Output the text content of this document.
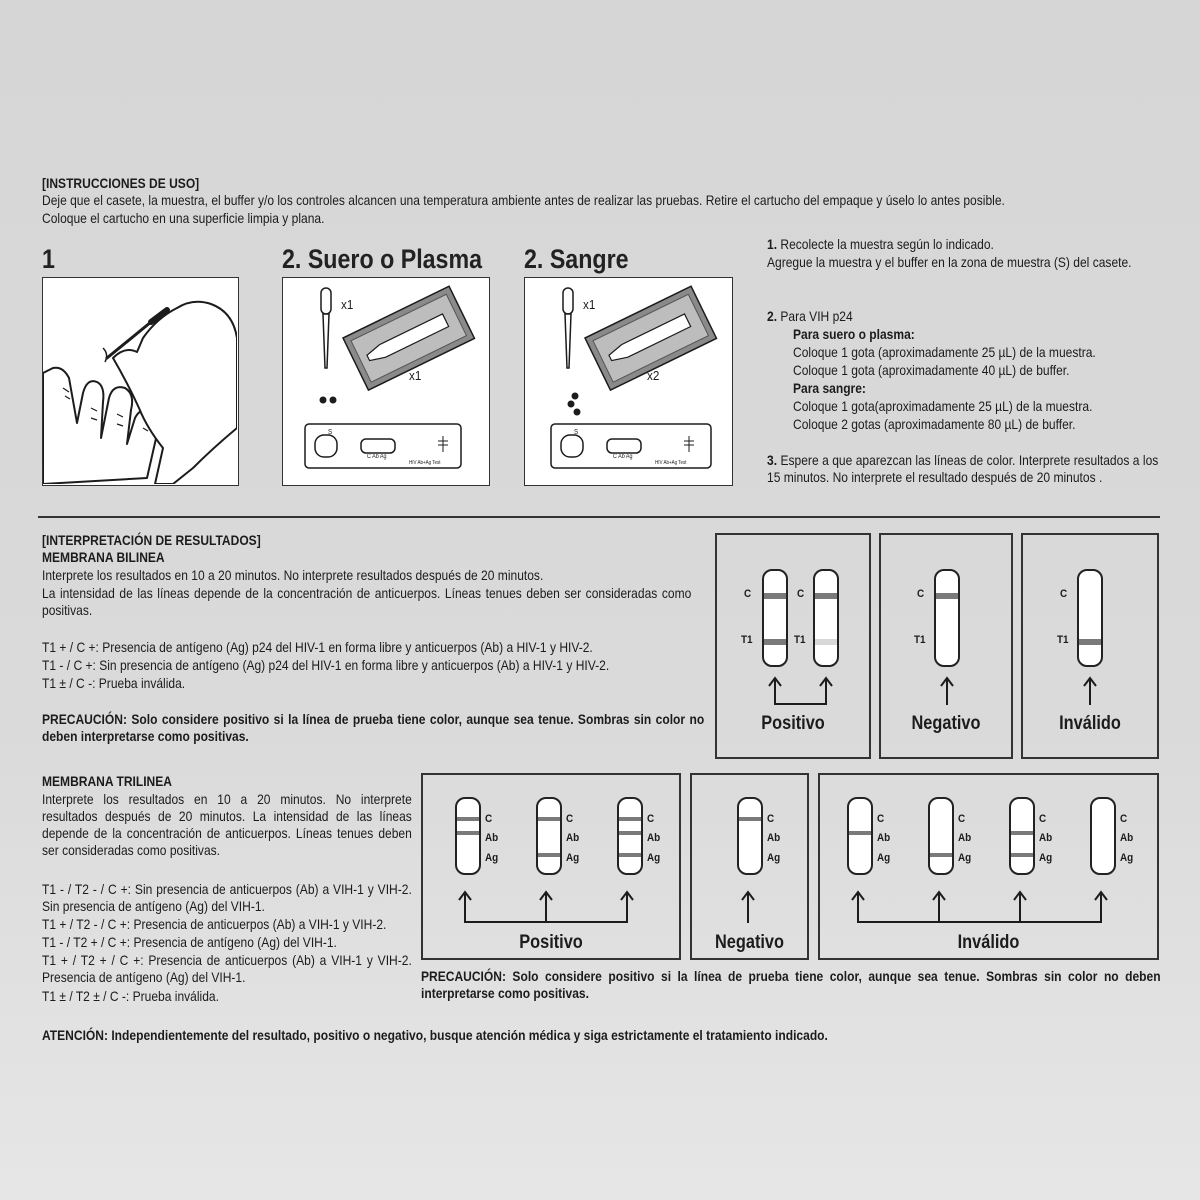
[INSTRUCCIONES DE USO]
Deje que el casete, la muestra, el buffer y/o los controles alcancen una temperatura ambiente antes de realizar las pruebas. Retire el cartucho del empaque y úselo lo antes posible.
Coloque el cartucho en una superficie limpia y plana.
1	2. Suero o Plasma 2. Sangre
x1
x1
S
C Ab Ag
HIV Ab+Ag Test
x1
x2
S
C Ab Ag
HIV Ab+Ag Test
1. Recolecte la muestra según lo indicado.
Agregue la muestra y el buffer en la zona de muestra (S) del casete.
2. Para VIH p24
Para suero o plasma:
Coloque 1 gota (aproximadamente 25 µL) de la muestra.
Coloque 1 gota (aproximadamente 40 µL) de buffer.
Para sangre:
Coloque 1 gota(aproximadamente 25 µL) de la muestra.
Coloque 2 gotas (aproximadamente 80 µL) de buffer.
3. Espere a que aparezcan las líneas de color. Interprete resultados a los 15 minutos. No interprete el resultado después de 20 minutos .
[INTERPRETACIÓN DE RESULTADOS]
MEMBRANA BILINEA
Interprete los resultados en 10 a 20 minutos. No interprete resultados después de 20 minutos.
La intensidad de las líneas depende de la concentración de anticuerpos. Líneas tenues deben ser consideradas como positivas.
T1 + / C +: Presencia de antígeno (Ag) p24 del HIV-1 en forma libre y anticuerpos (Ab) a HIV-1 y HIV-2.
T1 - / C +: Sin presencia de antígeno (Ag) p24 del HIV-1 en forma libre y anticuerpos (Ab) a HIV-1 y HIV-2.
T1 ± / C -: Prueba inválida.
PRECAUCIÓN: Solo considere positivo si la línea de prueba tiene color, aunque sea tenue. Sombras sin color no deben interpretarse como positivas.
C
T1
C
T1
Positivo
C
T1
Negativo
C
T1
Inválido
MEMBRANA TRILINEA
Interprete los resultados en 10 a 20 minutos. No interprete resultados después de 20 minutos. La intensidad de las líneas depende de la concentración de anticuerpos. Líneas tenues deben ser consideradas como positivas.
T1 - / T2 - / C +: Sin presencia de anticuerpos (Ab) a VIH-1 y VIH-2. Sin presencia de antígeno (Ag) del VIH-1.
T1 + / T2 - / C +: Presencia de anticuerpos (Ab) a VIH-1 y VIH-2.
T1 - / T2 + / C +: Presencia de antígeno (Ag) del VIH-1.
T1 + / T2 + / C +: Presencia de anticuerpos (Ab) a VIH-1 y VIH-2. Presencia de antígeno (Ag) del VIH-1.
T1 ± / T2 ± / C -: Prueba inválida.
C
Ab
Ag
C
Ab
Ag
C
Ab
Ag
Positivo
C
Ab
Ag
Negativo
C
Ab
Ag
C
Ab
Ag
C
Ab
Ag
C
Ab
Ag
Inválido
PRECAUCIÓN: Solo considere positivo si la línea de prueba tiene color, aunque sea tenue. Sombras sin color no deben interpretarse como positivas.
ATENCIÓN: Independientemente del resultado, positivo o negativo, busque atención médica y siga estrictamente el tratamiento indicado.
